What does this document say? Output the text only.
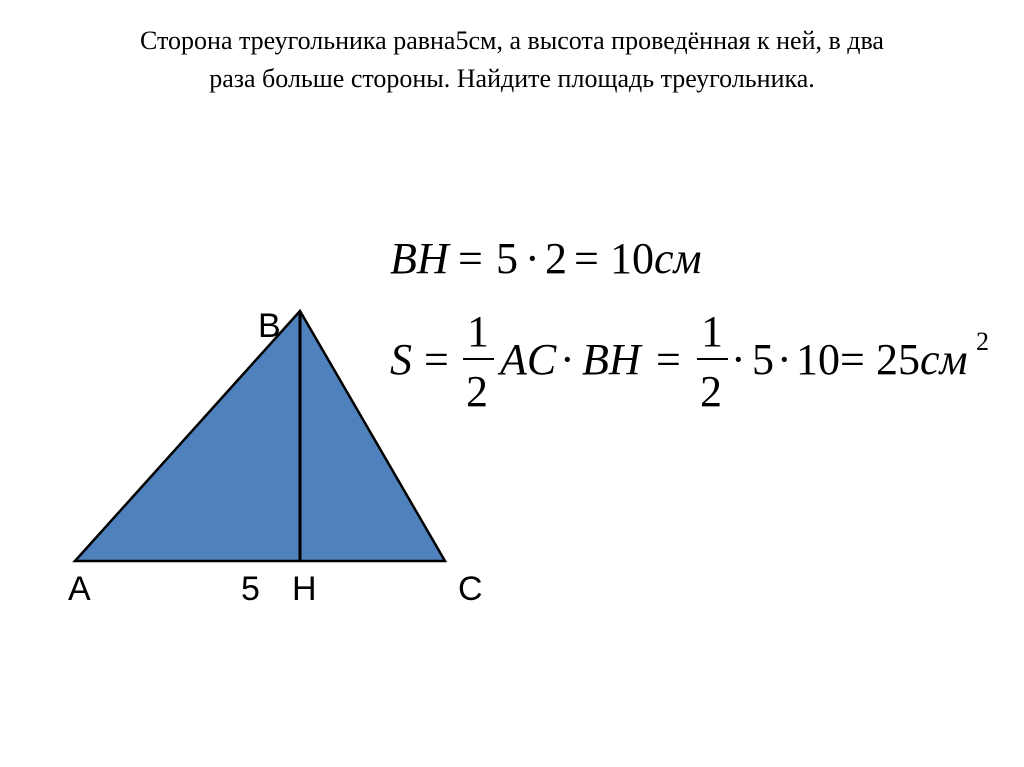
Сторона треугольника равна5см, а высота проведённая к ней, в два
раза больше стороны. Найдите площадь треугольника.
B
A	5 H	C
BH = 5 · 2 = 10 см
S =
1
2
AC · BH =
1
2
· 5 · 10 = 25 см 2
